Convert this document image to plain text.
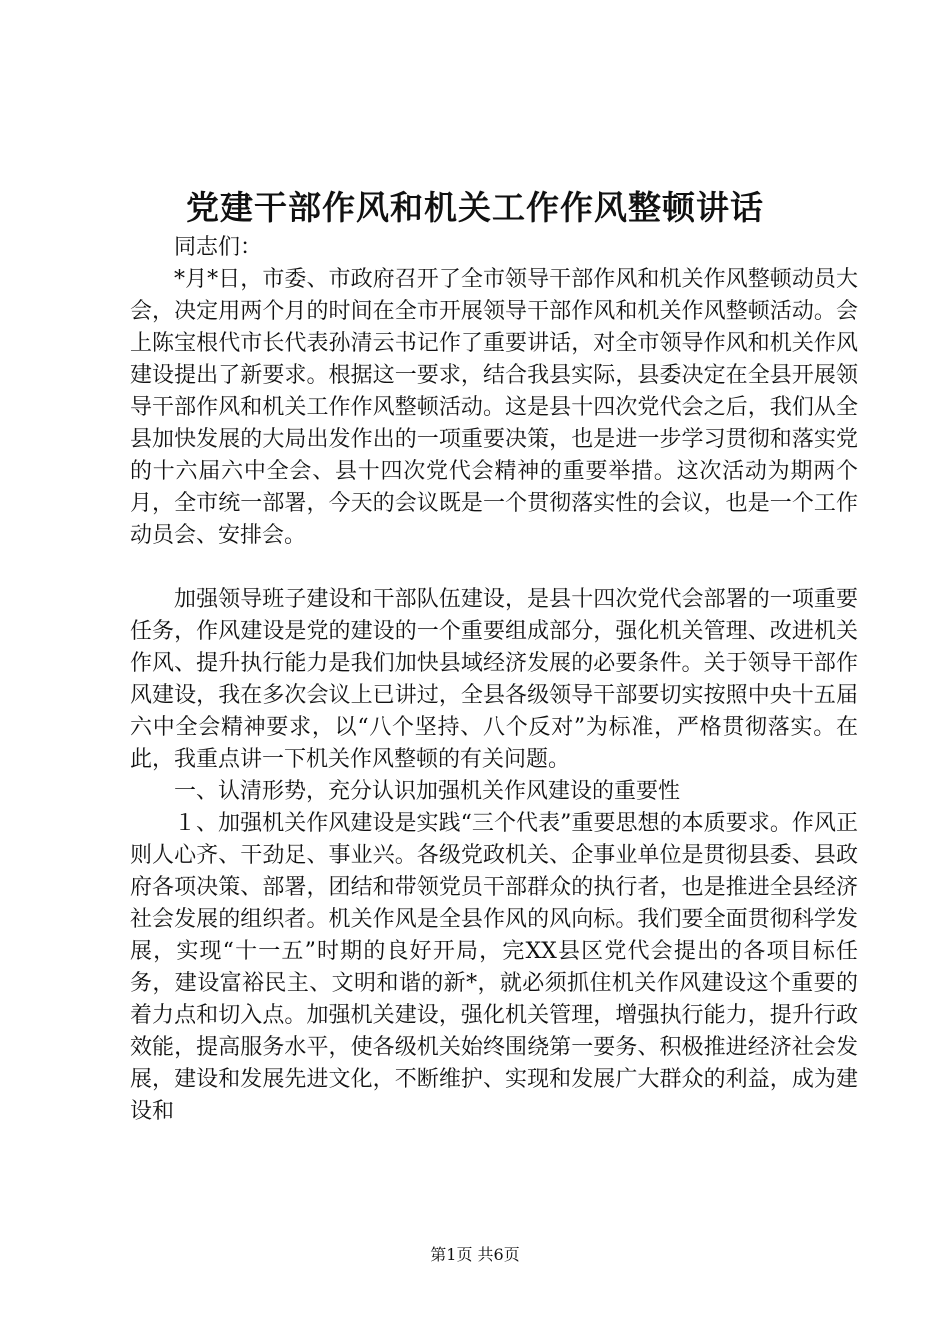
党建干部作风和机关工作作风整顿讲话

同志们：

*月*日，市委、市政府召开了全市领导干部作风和机关作风整顿动员大会，决定用两个月的时间在全市开展领导干部作风和机关作风整顿活动。会上陈宝根代市长代表孙清云书记作了重要讲话，对全市领导作风和机关作风建设提出了新要求。根据这一要求，结合我县实际，县委决定在全县开展领导干部作风和机关工作作风整顿活动。这是县十四次党代会之后，我们从全县加快发展的大局出发作出的一项重要决策，也是进一步学习贯彻和落实党的十六届六中全会、县十四次党代会精神的重要举措。这次活动为期两个月，全市统一部署，今天的会议既是一个贯彻落实性的会议，也是一个工作动员会、安排会。

加强领导班子建设和干部队伍建设，是县十四次党代会部署的一项重要任务，作风建设是党的建设的一个重要组成部分，强化机关管理、改进机关作风、提升执行能力是我们加快县域经济发展的必要条件。关于领导干部作风建设，我在多次会议上已讲过，全县各级领导干部要切实按照中央十五届六中全会精神要求，以“八个坚持、八个反对”为标准，严格贯彻落实。在此，我重点讲一下机关作风整顿的有关问题。

一、认清形势，充分认识加强机关作风建设的重要性

１、加强机关作风建设是实践“三个代表”重要思想的本质要求。作风正则人心齐、干劲足、事业兴。各级党政机关、企事业单位是贯彻县委、县政府各项决策、部署，团结和带领党员干部群众的执行者，也是推进全县经济社会发展的组织者。机关作风是全县作风的风向标。我们要全面贯彻科学发展，实现“十一五”时期的良好开局，完XX县区党代会提出的各项目标任务，建设富裕民主、文明和谐的新*，就必须抓住机关作风建设这个重要的着力点和切入点。加强机关建设，强化机关管理，增强执行能力，提升行政效能，提高服务水平，使各级机关始终围绕第一要务、积极推进经济社会发展，建设和发展先进文化，不断维护、实现和发展广大群众的利益，成为建设和

第1页 共6页
